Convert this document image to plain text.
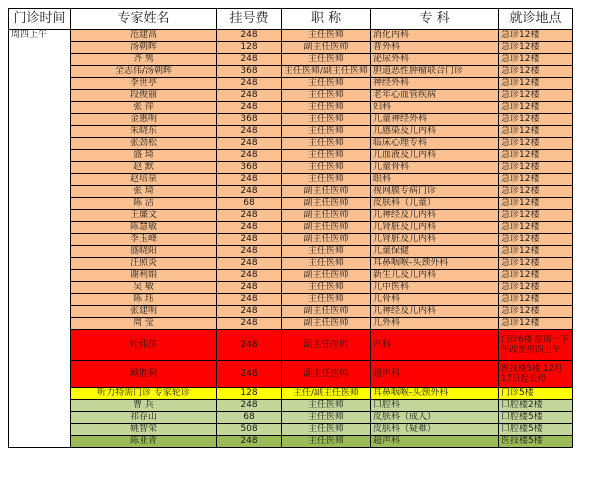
门诊时间	专家姓名	挂号费	职 称	专 科	就诊地点
周四上午	范建高	248	主任医师	消化内科	急诊12楼
	汤朝晖	128	副主任医师	普外科	急诊12楼
	齐 隽	248	主任医师	泌尿外科	急诊12楼
	全志伟/汤朝晖	368	主任医师/副主任医师	胆道恶性肿瘤联合门诊	急诊12楼
	李世亭	248	主任医师	神经外科	急诊12楼
	段俊丽	248	主任医师	老年心血管疾病	急诊12楼
	张 萍	248	主任医师	妇科	急诊12楼
	金惠明	368	主任医师	儿童神经外科	急诊12楼
	朱晓东	248	主任医师	儿感染及儿内科	急诊12楼
	张劲松	248	主任医师	临床心理专科	急诊12楼
	盛 琦	248	主任医师	儿血液及儿内科	急诊12楼
	赵 默	368	主任医师	儿童骨科	急诊12楼
	赵培泉	248	主任医师	眼科	急诊12楼
	张 琦	248	副主任医师	视网膜专病门诊	急诊12楼
	陈 洁	68	副主任医师	皮肤科（儿童）	急诊12楼
	王廉文	248	副主任医师	儿神经及儿内科	急诊12楼
	陈慧敏	248	副主任医师	儿肾脏及儿内科	急诊12楼
	李玉峰	248	副主任医师	儿肾脏及儿内科	急诊12楼
	盛晓阳	248	主任医师	儿童保健	急诊12楼
	汪照炎	248	主任医师	耳鼻咽喉-头颈外科	急诊12楼
	谢利娟	248	副主任医师	新生儿及儿内科	急诊12楼
	吴 敏	248	主任医师	儿中医科	急诊12楼
	陈 珏	248	主任医师	儿骨科	急诊12楼
	张建明	248	副主任医师	儿神经及儿内科	急诊12楼
	周 莹	248	副主任医师	儿外科	急诊12楼
	叶伟萍	248	副主任医师	产科	门诊6楼 原周一下午改至周四上午
	顾胜利	248	副主任医师	超声科	医技楼5楼 12月17日起长停
	听力特需门诊 专家轮诊	128	主任/副主任医师	耳鼻咽喉-头颈外科	门诊5楼
	曹 兵	248	主任医师	口腔科	口腔楼2楼
	祁存山	68	主任医师	皮肤科（成人）	口腔楼5楼
	姚智荣	508	主任医师	皮肤科（疑难）	口腔楼5楼
	陈亚青	248	主任医师	超声科	医技楼5楼
